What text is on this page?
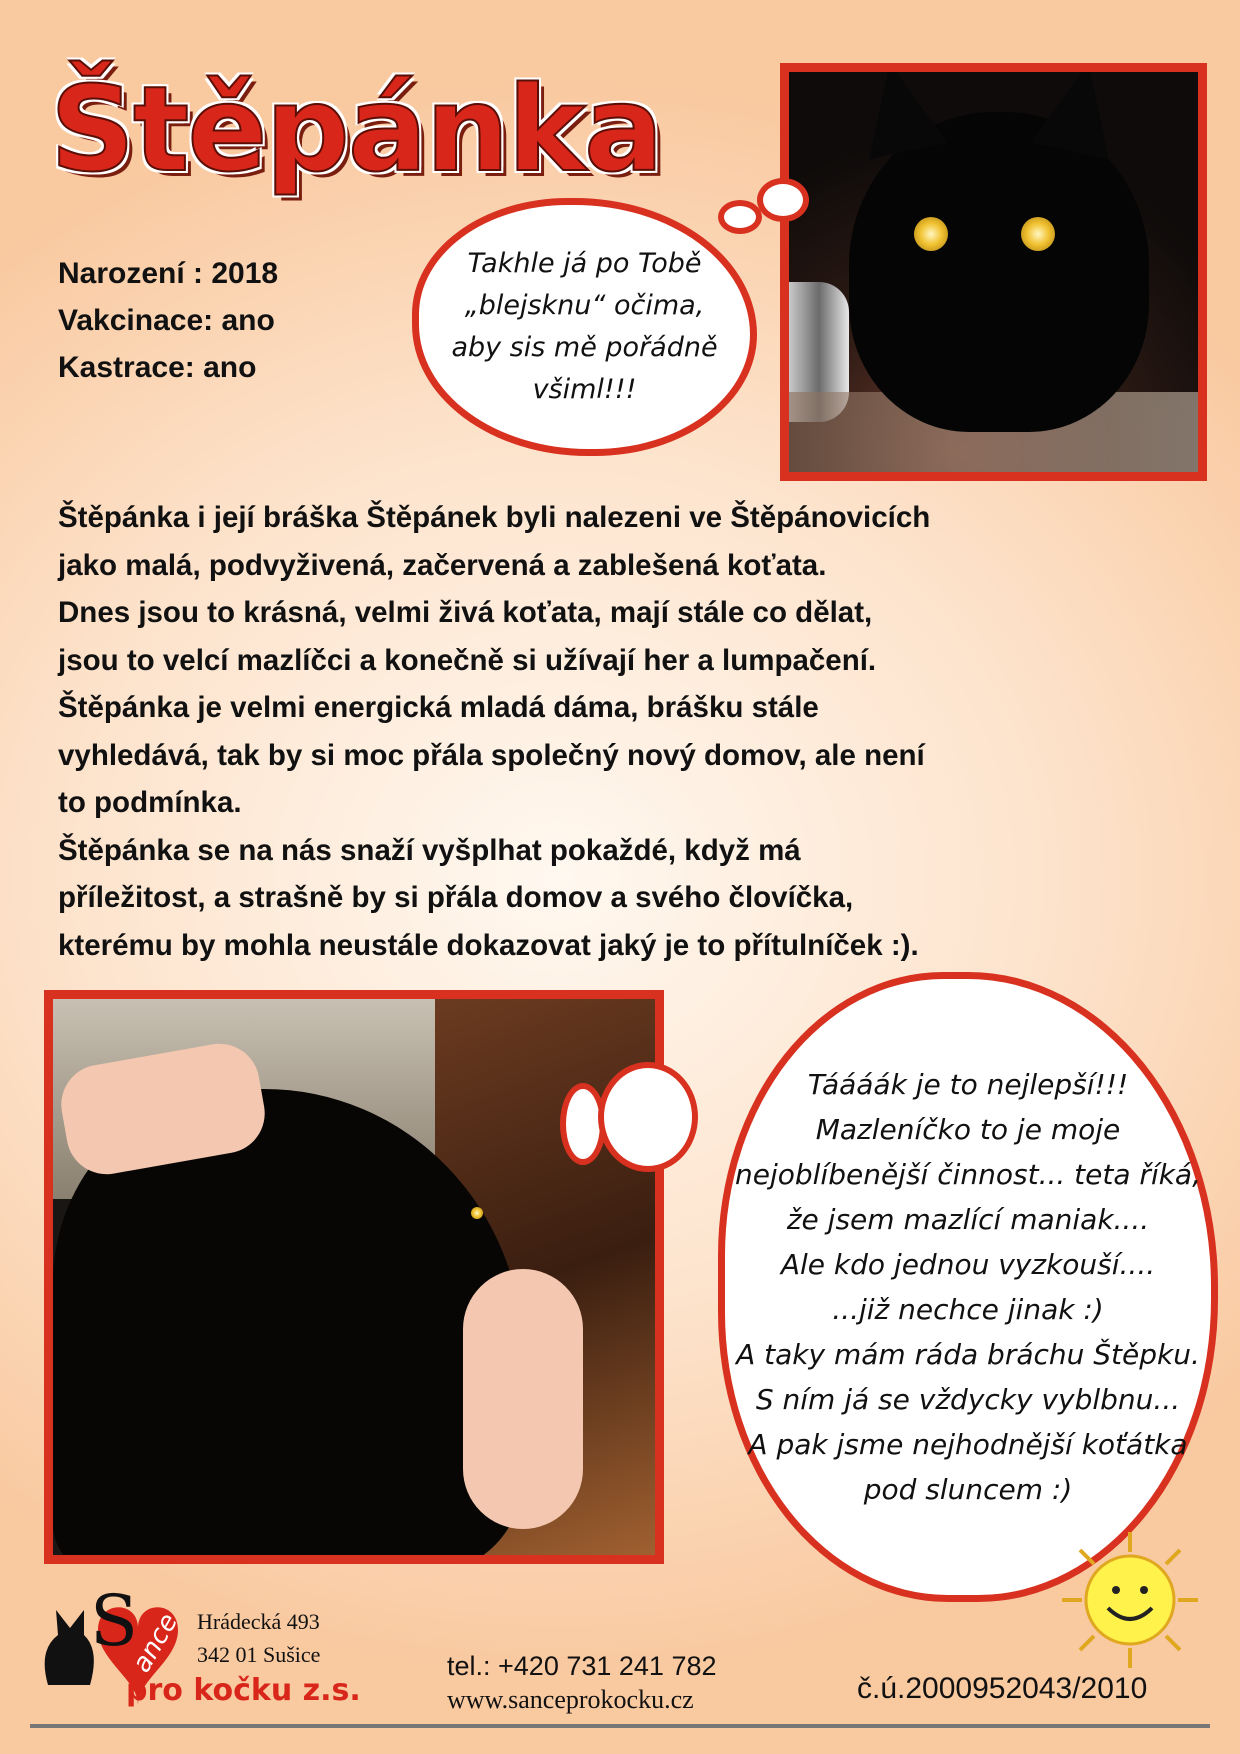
Štěpánka
Narození : 2018
Vakcinace: ano
Kastrace: ano
Takhle já po Tobě
„blejsknu“ očima,
aby sis mě pořádně
všiml!!!
Štěpánka i její bráška Štěpánek byli nalezeni ve Štěpánovicích
jako malá, podvyživená, začervená a zablešená koťata.
Dnes jsou to krásná, velmi živá koťata, mají stále co dělat,
jsou to velcí mazlíčci a konečně si užívají her a lumpačení.
Štěpánka je velmi energická mladá dáma, brášku stále
vyhledává, tak by si moc přála společný nový domov, ale není
to podmínka.
Štěpánka se na nás snaží vyšplhat pokaždé, když má
příležitost, a strašně by si přála domov a svého človíčka,
kterému by mohla neustále dokazovat jaký je to přítulníček :).
Táááák je to nejlepší!!!
Mazleníčko to je moje
nejoblíbenější činnost... teta říká,
že jsem mazlící maniak....
Ale kdo jednou vyzkouší....
...již nechce jinak :)
A taky mám ráda bráchu Štěpku.
S ním já se vždycky vyblbnu...
A pak jsme nejhodnější koťátka
pod sluncem :)
Š
ance
pro kočku z.s.
Hrádecká 493
342 01 Sušice	tel.: +420 731 241 782
www.sanceprokocku.cz	č.ú.2000952043/2010
